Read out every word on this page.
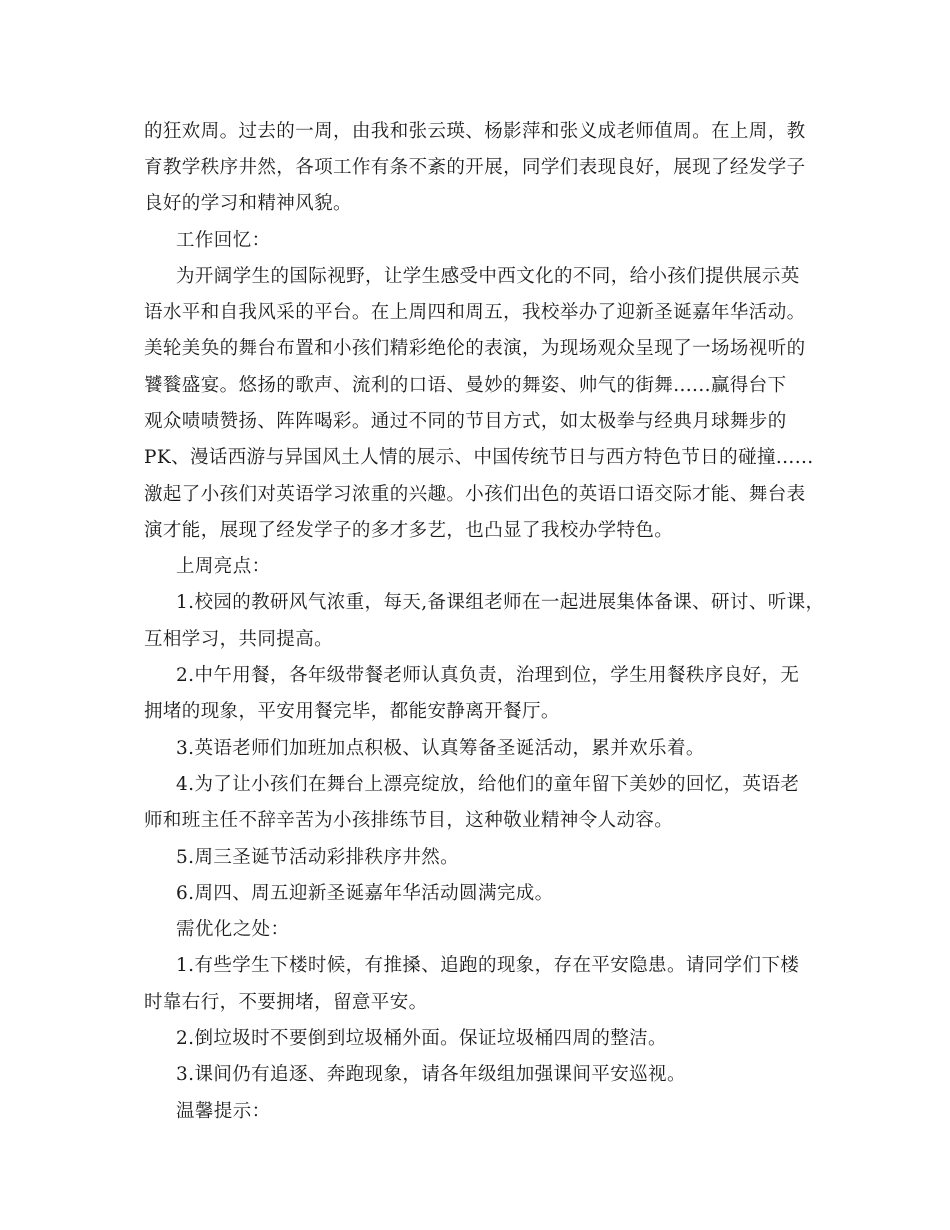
的狂欢周。过去的一周，由我和张云瑛、杨影萍和张义成老师值周。在上周，教
育教学秩序井然，各项工作有条不紊的开展，同学们表现良好，展现了经发学子
良好的学习和精神风貌。
工作回忆：
为开阔学生的国际视野，让学生感受中西文化的不同，给小孩们提供展示英
语水平和自我风采的平台。在上周四和周五，我校举办了迎新圣诞嘉年华活动。
美轮美奂的舞台布置和小孩们精彩绝伦的表演，为现场观众呈现了一场场视听的
饕餮盛宴。悠扬的歌声、流利的口语、曼妙的舞姿、帅气的街舞......赢得台下
观众啧啧赞扬、阵阵喝彩。通过不同的节目方式，如太极拳与经典月球舞步的
PK、漫话西游与异国风土人情的展示、中国传统节日与西方特色节日的碰撞......
激起了小孩们对英语学习浓重的兴趣。小孩们出色的英语口语交际才能、舞台表
演才能，展现了经发学子的多才多艺，也凸显了我校办学特色。
上周亮点：
1.校园的教研风气浓重，每天,备课组老师在一起进展集体备课、研讨、听课，
互相学习，共同提高。
2.中午用餐，各年级带餐老师认真负责，治理到位，学生用餐秩序良好，无
拥堵的现象，平安用餐完毕，都能安静离开餐厅。
3.英语老师们加班加点积极、认真筹备圣诞活动，累并欢乐着。
4.为了让小孩们在舞台上漂亮绽放，给他们的童年留下美妙的回忆，英语老
师和班主任不辞辛苦为小孩排练节目，这种敬业精神令人动容。
5.周三圣诞节活动彩排秩序井然。
6.周四、周五迎新圣诞嘉年华活动圆满完成。
需优化之处：
1.有些学生下楼时候，有推搡、追跑的现象，存在平安隐患。请同学们下楼
时靠右行，不要拥堵，留意平安。
2.倒垃圾时不要倒到垃圾桶外面。保证垃圾桶四周的整洁。
3.课间仍有追逐、奔跑现象，请各年级组加强课间平安巡视。
温馨提示：
